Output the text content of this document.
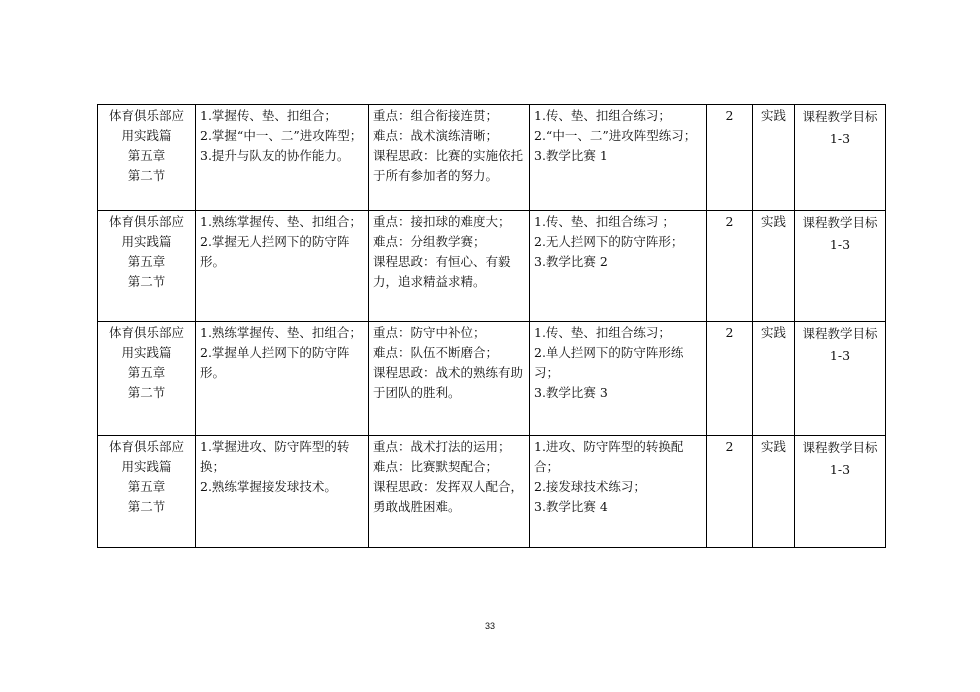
体育俱乐部应
用实践篇
第五章
第二节	1.掌握传、垫、扣组合；
2.掌握“中一、二”进攻阵型；
3.提升与队友的协作能力。	重点：组合衔接连贯；
难点：战术演练清晰；
课程思政：比赛的实施依托于所有参加者的努力。	1.传、垫、扣组合练习；
2.“中一、二”进攻阵型练习；
3.教学比赛 1	2	实践	课程教学目标 1-3

体育俱乐部应
用实践篇
第五章
第二节	1.熟练掌握传、垫、扣组合；
2.掌握无人拦网下的防守阵形。	重点：接扣球的难度大；
难点：分组教学赛；
课程思政：有恒心、有毅力，追求精益求精。	1.传、垫、扣组合练习 ；
2.无人拦网下的防守阵形；
3.教学比赛 2	2	实践	课程教学目标 1-3

体育俱乐部应
用实践篇
第五章
第二节	1.熟练掌握传、垫、扣组合；
2.掌握单人拦网下的防守阵形。	重点：防守中补位；
难点：队伍不断磨合；
课程思政：战术的熟练有助于团队的胜利。	1.传、垫、扣组合练习；
2.单人拦网下的防守阵形练习；
3.教学比赛 3	2	实践	课程教学目标 1-3

体育俱乐部应
用实践篇
第五章
第二节	1.掌握进攻、防守阵型的转换；
2.熟练掌握接发球技术。	重点：战术打法的运用；
难点：比赛默契配合；
课程思政：发挥双人配合，勇敢战胜困难。	1.进攻、防守阵型的转换配合；
2.接发球技术练习；
3.教学比赛 4	2	实践	课程教学目标 1-3
33
